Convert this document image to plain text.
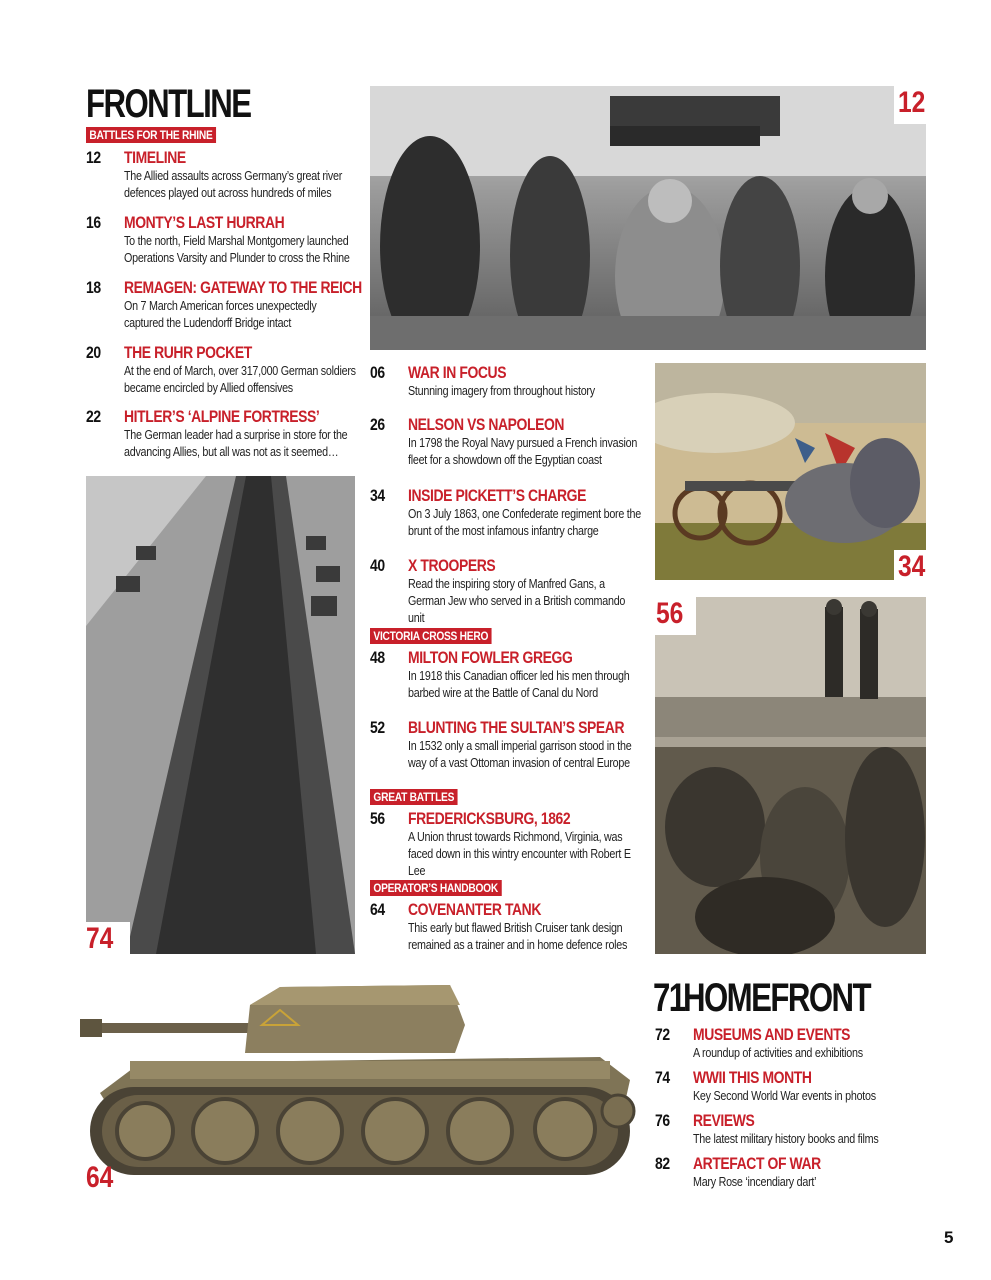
FRONTLINE
BATTLES FOR THE RHINE
12 TIMELINE
The Allied assaults across Germany’s great river defences played out across hundreds of miles
16 MONTY’S LAST HURRAH
To the north, Field Marshal Montgomery launched Operations Varsity and Plunder to cross the Rhine
18 REMAGEN: GATEWAY TO THE REICH
On 7 March American forces unexpectedly captured the Ludendorff Bridge intact
20 THE RUHR POCKET
At the end of March, over 317,000 German soldiers became encircled by Allied offensives
22 HITLER’S ‘ALPINE FORTRESS’
The German leader had a surprise in store for the advancing Allies, but all was not as it seemed…
12
34
56
74
64
06 WAR IN FOCUS
Stunning imagery from throughout history
26 NELSON VS NAPOLEON
In 1798 the Royal Navy pursued a French invasion fleet for a showdown off the Egyptian coast
34 INSIDE PICKETT’S CHARGE
On 3 July 1863, one Confederate regiment bore the brunt of the most infamous infantry charge
40 X TROOPERS
Read the inspiring story of Manfred Gans, a German Jew who served in a British commando unit
VICTORIA CROSS HERO
48 MILTON FOWLER GREGG
In 1918 this Canadian officer led his men through barbed wire at the Battle of Canal du Nord
52 BLUNTING THE SULTAN’S SPEAR
In 1532 only a small imperial garrison stood in the way of a vast Ottoman invasion of central Europe
GREAT BATTLES
56 FREDERICKSBURG, 1862
A Union thrust towards Richmond, Virginia, was faced down in this wintry encounter with Robert E Lee
OPERATOR’S HANDBOOK
64 COVENANTER TANK
This early but flawed British Cruiser tank design remained as a trainer and in home defence roles
71
HOMEFRONT
72 MUSEUMS AND EVENTS
A roundup of activities and exhibitions
74 WWII THIS MONTH
Key Second World War events in photos
76 REVIEWS
The latest military history books and films
82 ARTEFACT OF WAR
Mary Rose ‘incendiary dart’
5
